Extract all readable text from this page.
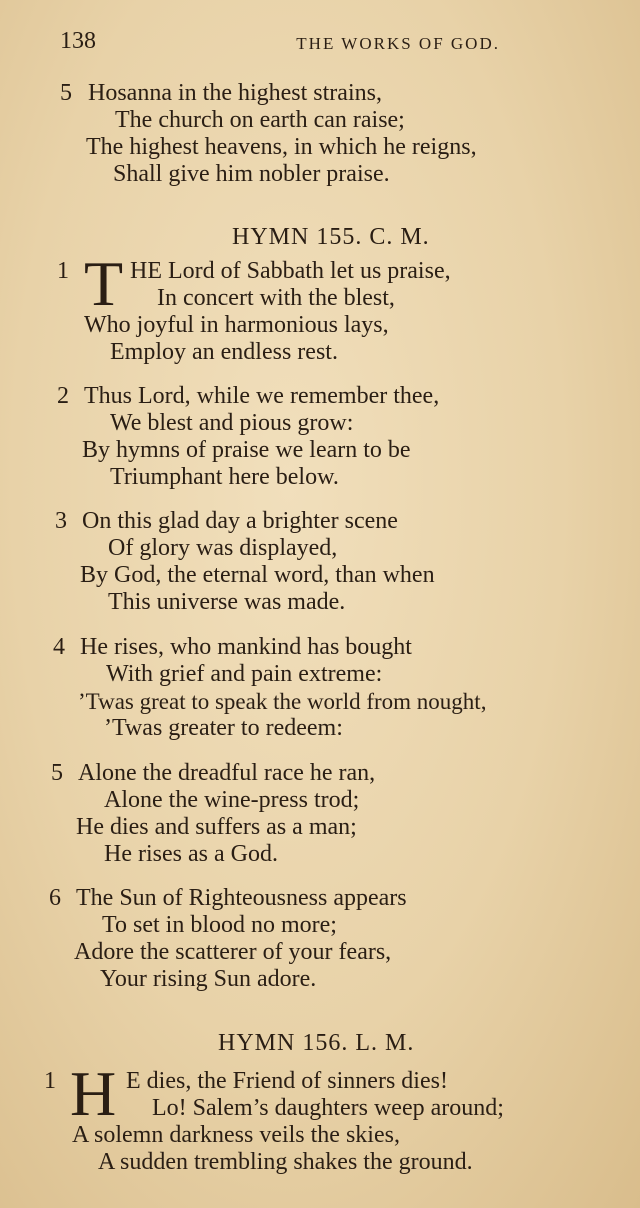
138	THE WORKS OF GOD.
5 Hosanna in the highest strains,
The church on earth can raise;
The highest heavens, in which he reigns,
Shall give him nobler praise.
HYMN 155. C. M.
1 T HE Lord of Sabbath let us praise,
In concert with the blest,
Who joyful in harmonious lays,
Employ an endless rest.
2 Thus Lord, while we remember thee,
We blest and pious grow:
By hymns of praise we learn to be
Triumphant here below.
3 On this glad day a brighter scene
Of glory was displayed,
By God, the eternal word, than when
This universe was made.
4 He rises, who mankind has bought
With grief and pain extreme:
’Twas great to speak the world from nought,
’Twas greater to redeem:
5 Alone the dreadful race he ran,
Alone the wine-press trod;
He dies and suffers as a man;
He rises as a God.
6 The Sun of Righteousness appears
To set in blood no more;
Adore the scatterer of your fears,
Your rising Sun adore.
HYMN 156. L. M.
1 H E dies, the Friend of sinners dies!
Lo! Salem’s daughters weep around;
A solemn darkness veils the skies,
A sudden trembling shakes the ground.
